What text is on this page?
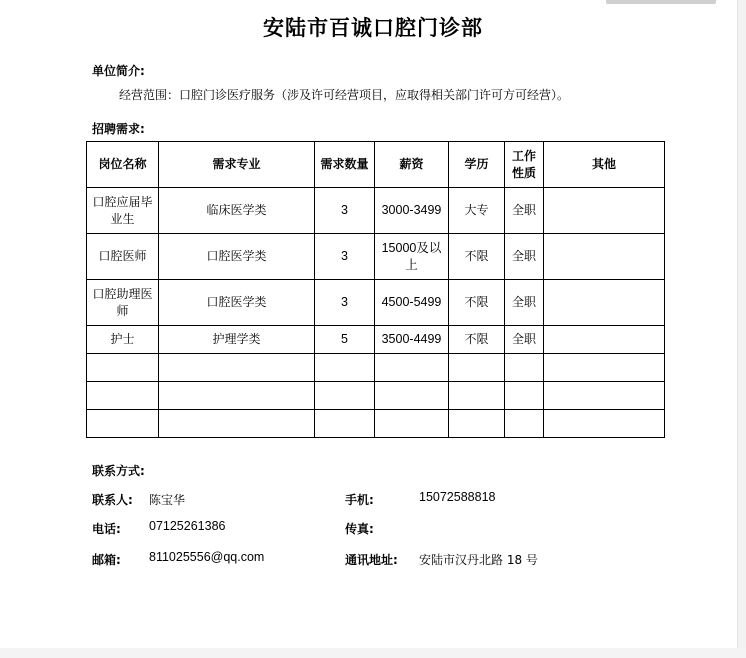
安陆市百诚口腔门诊部
单位简介:
经营范围：口腔门诊医疗服务（涉及许可经营项目，应取得相关部门许可方可经营）。
招聘需求:
岗位名称	需求专业	需求数量	薪资	学历	工作性质	其他
口腔应届毕业生	临床医学类	3	3000-3499	大专	全职	
口腔医师	口腔医学类	3	15000及以上	不限	全职	
口腔助理医师	口腔医学类	3	4500-5499	不限	全职	
护士	护理学类	5	3500-4499	不限	全职	

联系方式:
联系人: 陈宝华	手机:	15072588818
电话: 07125261386	传真:
邮箱: 811025556@qq.com	通讯地址: 安陆市汉丹北路 18 号
